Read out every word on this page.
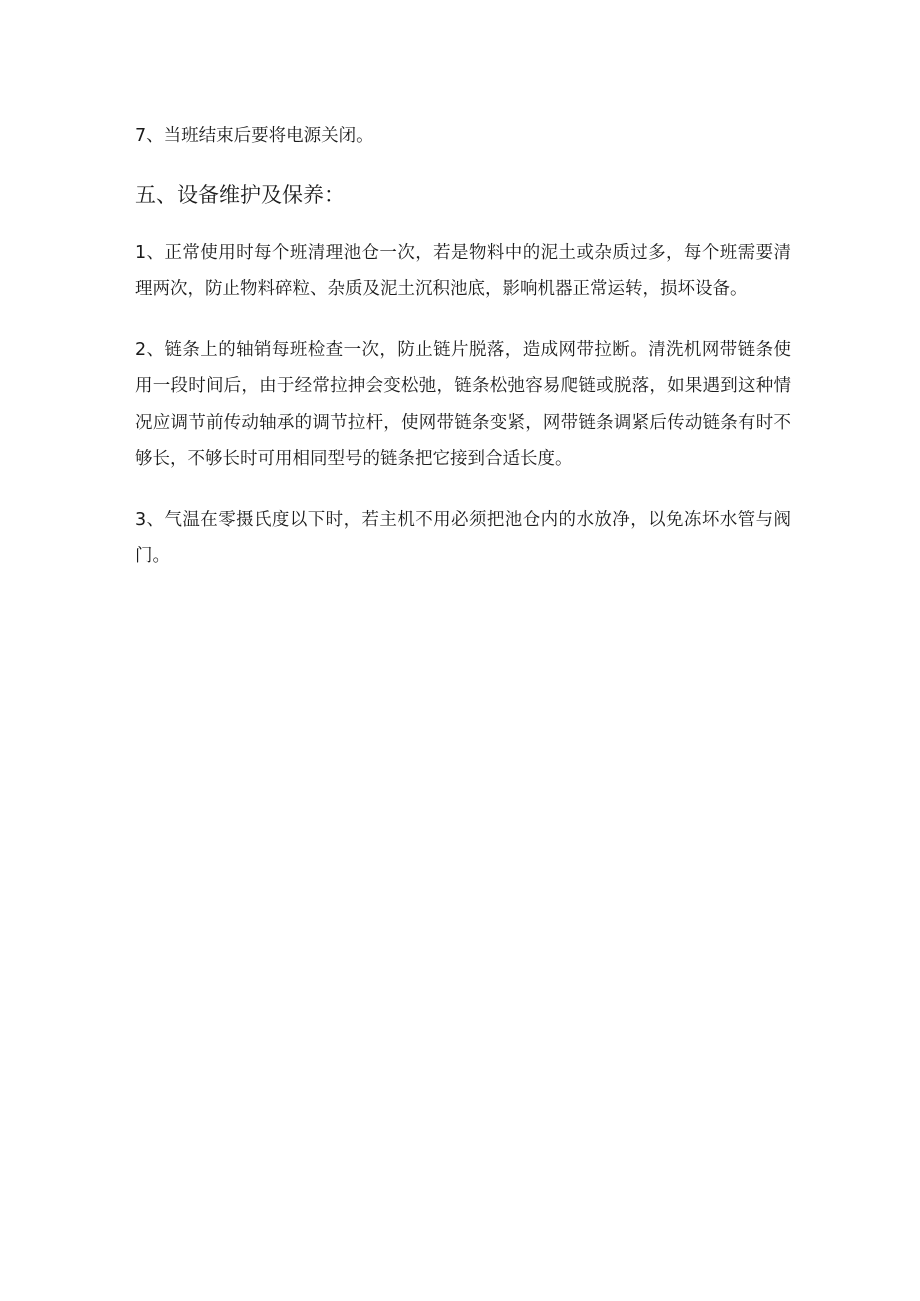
7、当班结束后要将电源关闭。

五、设备维护及保养：

1、正常使用时每个班清理池仓一次，若是物料中的泥土或杂质过多，每个班需要清理两次，防止物料碎粒、杂质及泥土沉积池底，影响机器正常运转，损坏设备。

2、链条上的轴销每班检查一次，防止链片脱落，造成网带拉断。清洗机网带链条使用一段时间后，由于经常拉抻会变松弛，链条松弛容易爬链或脱落，如果遇到这种情况应调节前传动轴承的调节拉杆，使网带链条变紧，网带链条调紧后传动链条有时不够长，不够长时可用相同型号的链条把它接到合适长度。

3、气温在零摄氏度以下时，若主机不用必须把池仓内的水放净，以免冻坏水管与阀门。
